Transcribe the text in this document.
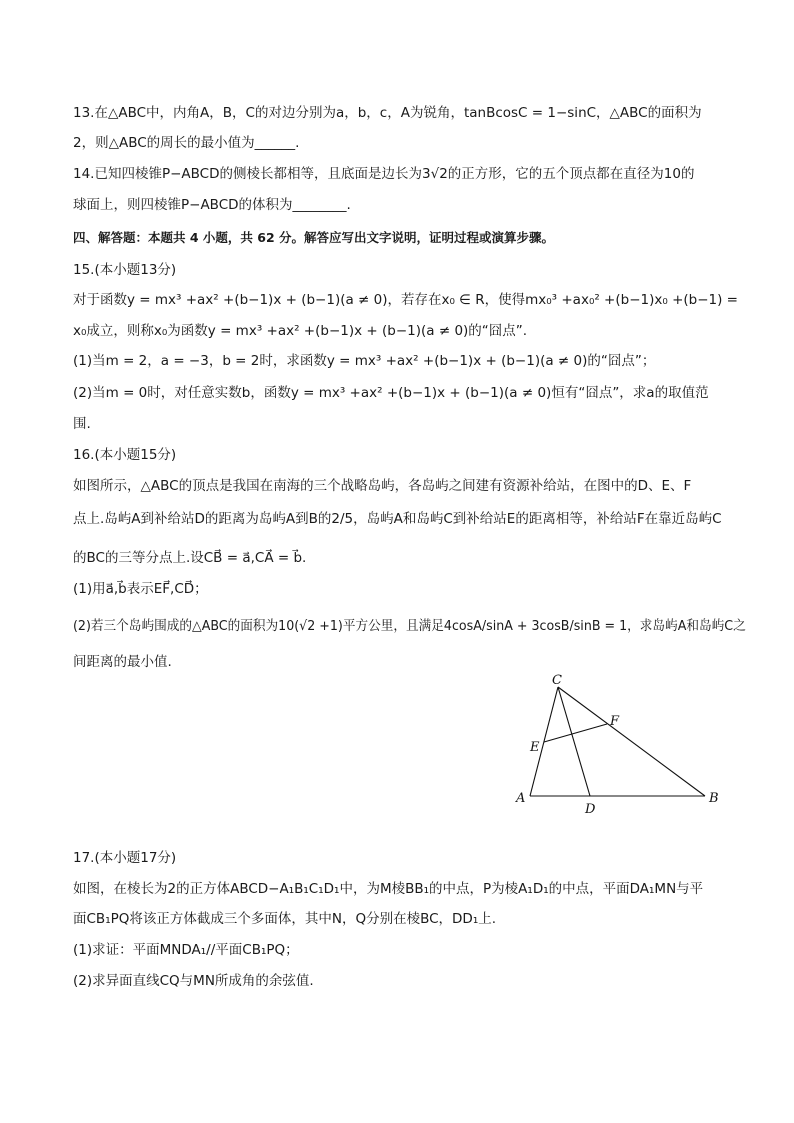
13.在△ABC中，内角A，B，C的对边分别为a，b，c，A为锐角，tanBcosC = 1−sinC，△ABC的面积为
2，则△ABC的周长的最小值为______.
14.已知四棱锥P−ABCD的侧棱长都相等，且底面是边长为3√2的正方形，它的五个顶点都在直径为10的
球面上，则四棱锥P−ABCD的体积为________.
四、解答题：本题共 4 小题，共 62 分。解答应写出文字说明，证明过程或演算步骤。
15.(本小题13分)
对于函数y = mx³ +ax² +(b−1)x + (b−1)(a ≠ 0)，若存在x₀ ∈ R，使得mx₀³ +ax₀² +(b−1)x₀ +(b−1) =
x₀成立，则称x₀为函数y = mx³ +ax² +(b−1)x + (b−1)(a ≠ 0)的“囧点”.
(1)当m = 2，a = −3，b = 2时，求函数y = mx³ +ax² +(b−1)x + (b−1)(a ≠ 0)的“囧点”；
(2)当m = 0时，对任意实数b，函数y = mx³ +ax² +(b−1)x + (b−1)(a ≠ 0)恒有“囧点”，求a的取值范
围.
16.(本小题15分)
如图所示，△ABC的顶点是我国在南海的三个战略岛屿，各岛屿之间建有资源补给站，在图中的D、E、F
点上.岛屿A到补给站D的距离为岛屿A到B的2/5，岛屿A和岛屿C到补给站E的距离相等，补给站F在靠近岛屿C
的BC的三等分点上.设CB⃗ = a⃗,CA⃗ = b⃗.
(1)用a⃗,b⃗表示EF⃗,CD⃗；
(2)若三个岛屿围成的△ABC的面积为10(√2 +1)平方公里，且满足4cosA/sinA + 3cosB/sinB = 1，求岛屿A和岛屿C之
间距离的最小值.
C
F
E
A
D
B
17.(本小题17分)
如图，在棱长为2的正方体ABCD−A₁B₁C₁D₁中，为M棱BB₁的中点，P为棱A₁D₁的中点，平面DA₁MN与平
面CB₁PQ将该正方体截成三个多面体，其中N，Q分别在棱BC，DD₁上.
(1)求证：平面MNDA₁//平面CB₁PQ；
(2)求异面直线CQ与MN所成角的余弦值.
